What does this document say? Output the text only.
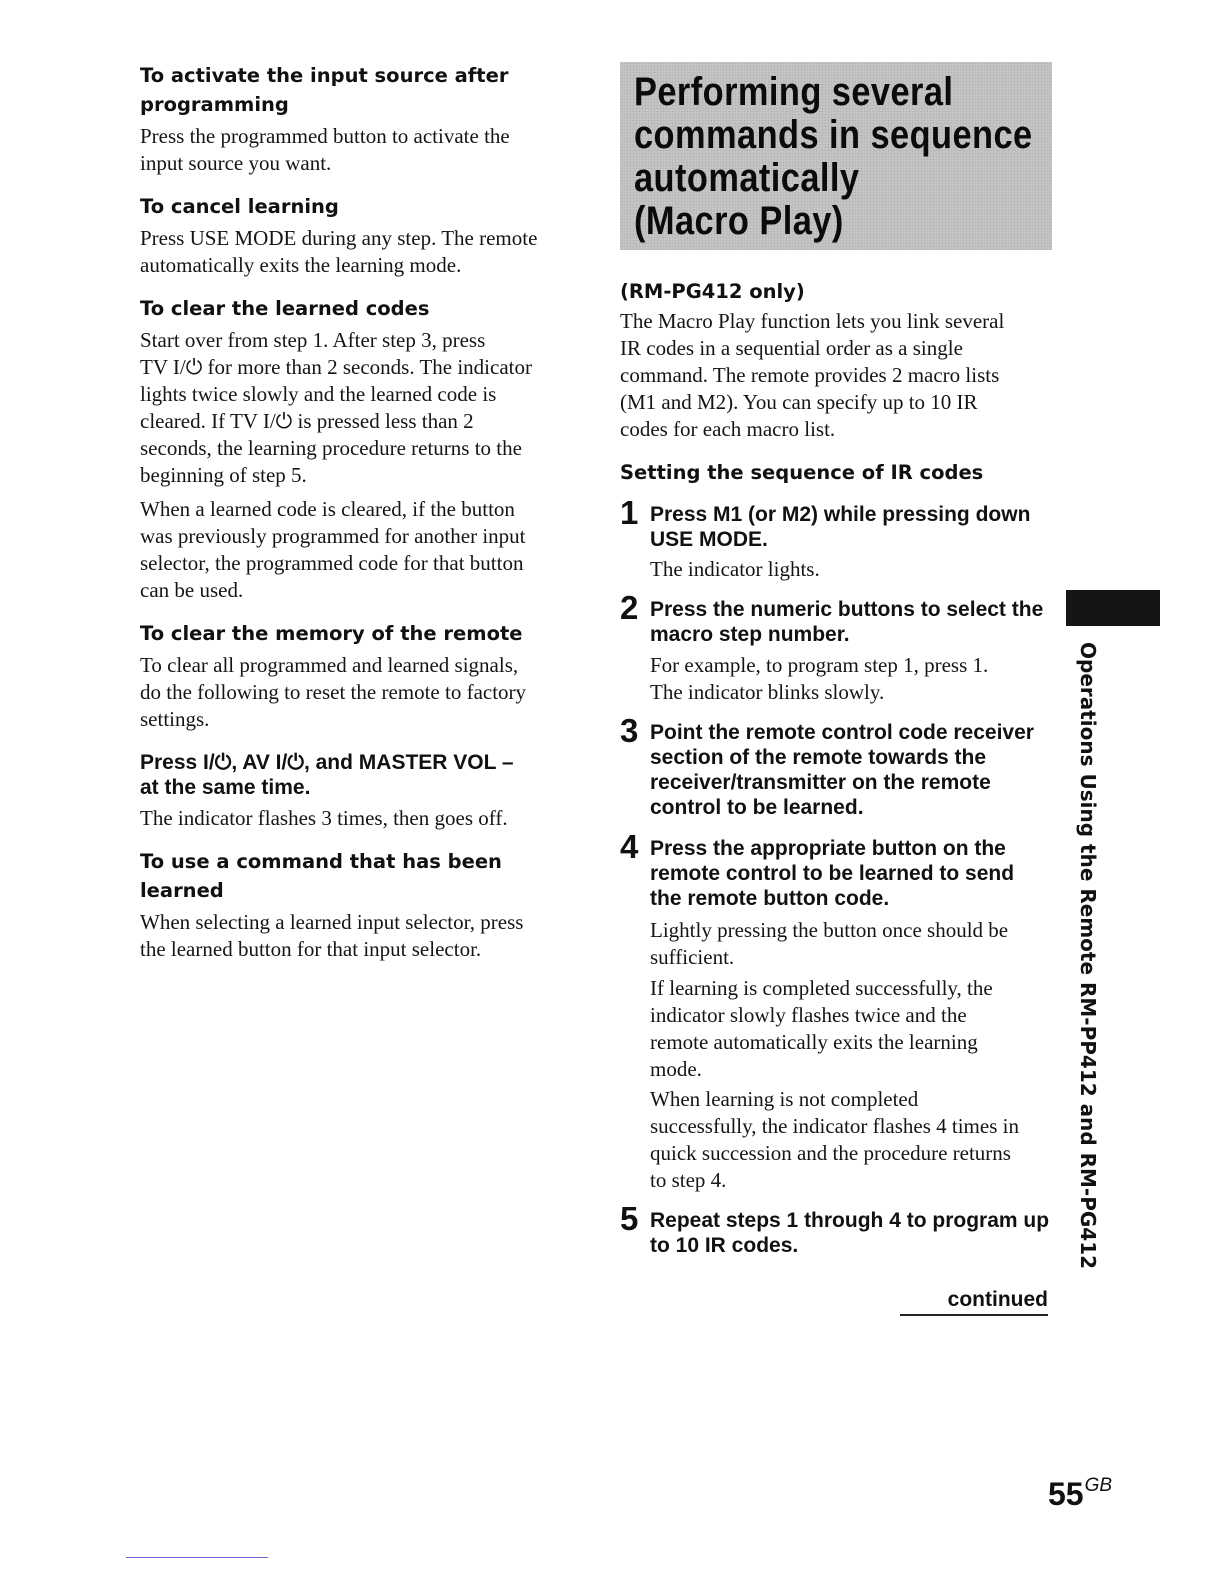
To activate the input source after
programming
Press the programmed button to activate the
input source you want.
To cancel learning
Press USE MODE during any step. The remote
automatically exits the learning mode.
To clear the learned codes
Start over from step 1. After step 3, press
TV I/⏻ for more than 2 seconds. The indicator
lights twice slowly and the learned code is
cleared. If TV I/⏻ is pressed less than 2
seconds, the learning procedure returns to the
beginning of step 5.
When a learned code is cleared, if the button
was previously programmed for another input
selector, the programmed code for that button
can be used.
To clear the memory of the remote
To clear all programmed and learned signals,
do the following to reset the remote to factory
settings.
Press I/⏻, AV I/⏻, and MASTER VOL –
at the same time.
The indicator flashes 3 times, then goes off.
To use a command that has been
learned
When selecting a learned input selector, press
the learned button for that input selector.
Performing several
commands in sequence
automatically
(Macro Play)
(RM-PG412 only)
The Macro Play function lets you link several
IR codes in a sequential order as a single
command. The remote provides 2 macro lists
(M1 and M2). You can specify up to 10 IR
codes for each macro list.
Setting the sequence of IR codes
1 Press M1 (or M2) while pressing down
USE MODE.
The indicator lights.
2 Press the numeric buttons to select the
macro step number.
For example, to program step 1, press 1.
The indicator blinks slowly.
3 Point the remote control code receiver
section of the remote towards the
receiver/transmitter on the remote
control to be learned.
4 Press the appropriate button on the
remote control to be learned to send
the remote button code.
Lightly pressing the button once should be
sufficient.
If learning is completed successfully, the
indicator slowly flashes twice and the
remote automatically exits the learning
mode.
When learning is not completed
successfully, the indicator flashes 4 times in
quick succession and the procedure returns
to step 4.
5 Repeat steps 1 through 4 to program up
to 10 IR codes.
continued
Operations Using the Remote RM-PP412 and RM-PG412
$55^{GB}$
